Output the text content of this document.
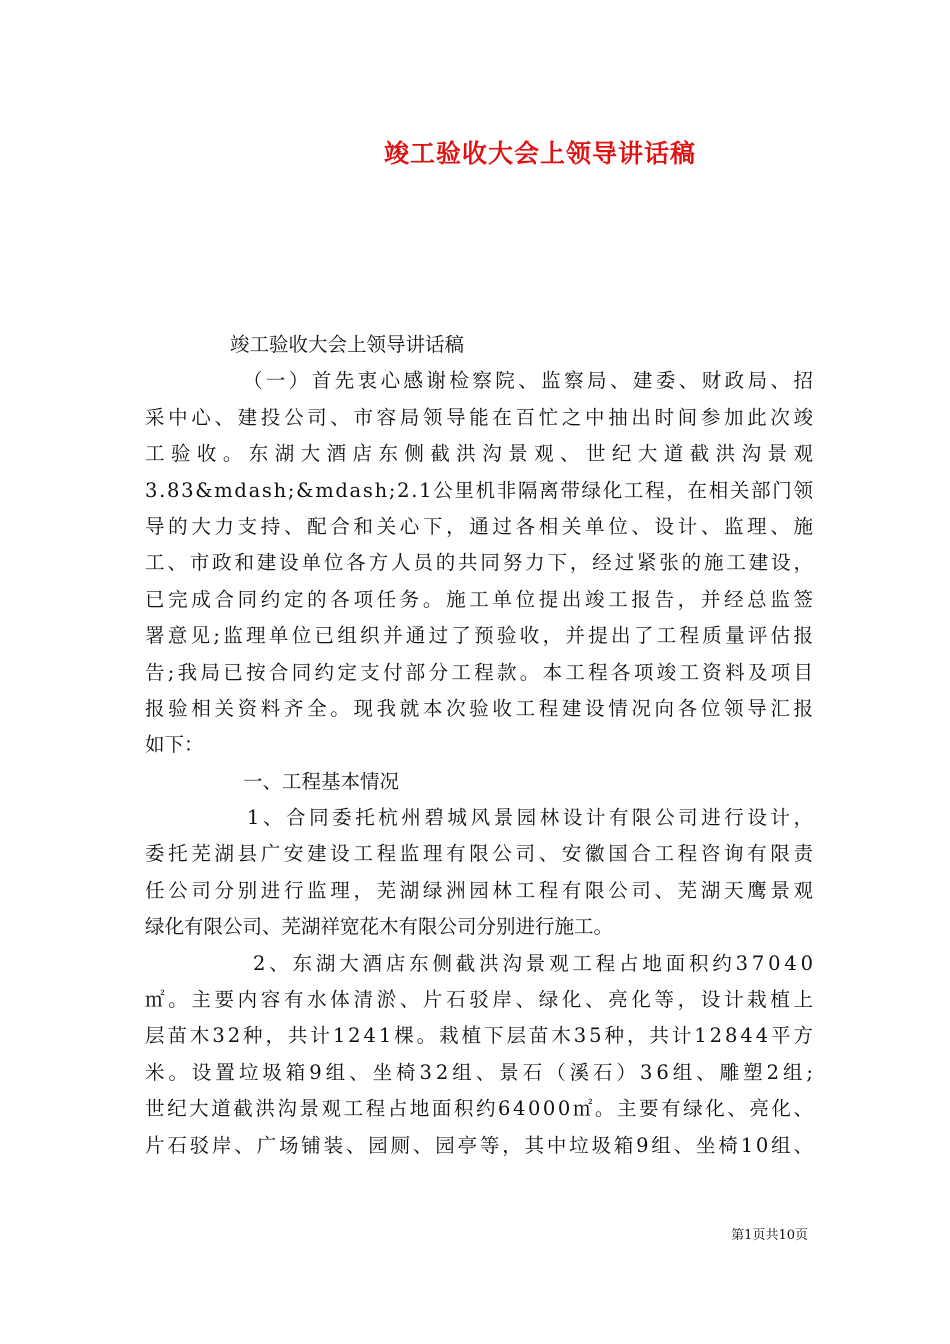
竣工验收大会上领导讲话稿
竣工验收大会上领导讲话稿
（一）首先衷心感谢检察院、监察局、建委、财政局、招
采中心、建投公司、市容局领导能在百忙之中抽出时间参加此次竣
工验收。东湖大酒店东侧截洪沟景观、世纪大道截洪沟景观
3.83&mdash;&mdash;2.1公里机非隔离带绿化工程，在相关部门领
导的大力支持、配合和关心下，通过各相关单位、设计、监理、施
工、市政和建设单位各方人员的共同努力下，经过紧张的施工建设，
已完成合同约定的各项任务。施工单位提出竣工报告，并经总监签
署意见;监理单位已组织并通过了预验收，并提出了工程质量评估报
告;我局已按合同约定支付部分工程款。本工程各项竣工资料及项目
报验相关资料齐全。现我就本次验收工程建设情况向各位领导汇报
如下：
一、工程基本情况
1、合同委托杭州碧城风景园林设计有限公司进行设计，
委托芜湖县广安建设工程监理有限公司、安徽国合工程咨询有限责
任公司分别进行监理，芜湖绿洲园林工程有限公司、芜湖天鹰景观
绿化有限公司、芜湖祥宽花木有限公司分别进行施工。
2、东湖大酒店东侧截洪沟景观工程占地面积约37040
㎡。主要内容有水体清淤、片石驳岸、绿化、亮化等，设计栽植上
层苗木32种，共计1241棵。栽植下层苗木35种，共计12844平方
米。设置垃圾箱9组、坐椅32组、景石（溪石）36组、雕塑2组;
世纪大道截洪沟景观工程占地面积约64000㎡。主要有绿化、亮化、
片石驳岸、广场铺装、园厕、园亭等，其中垃圾箱9组、坐椅10组、
第1页共10页
